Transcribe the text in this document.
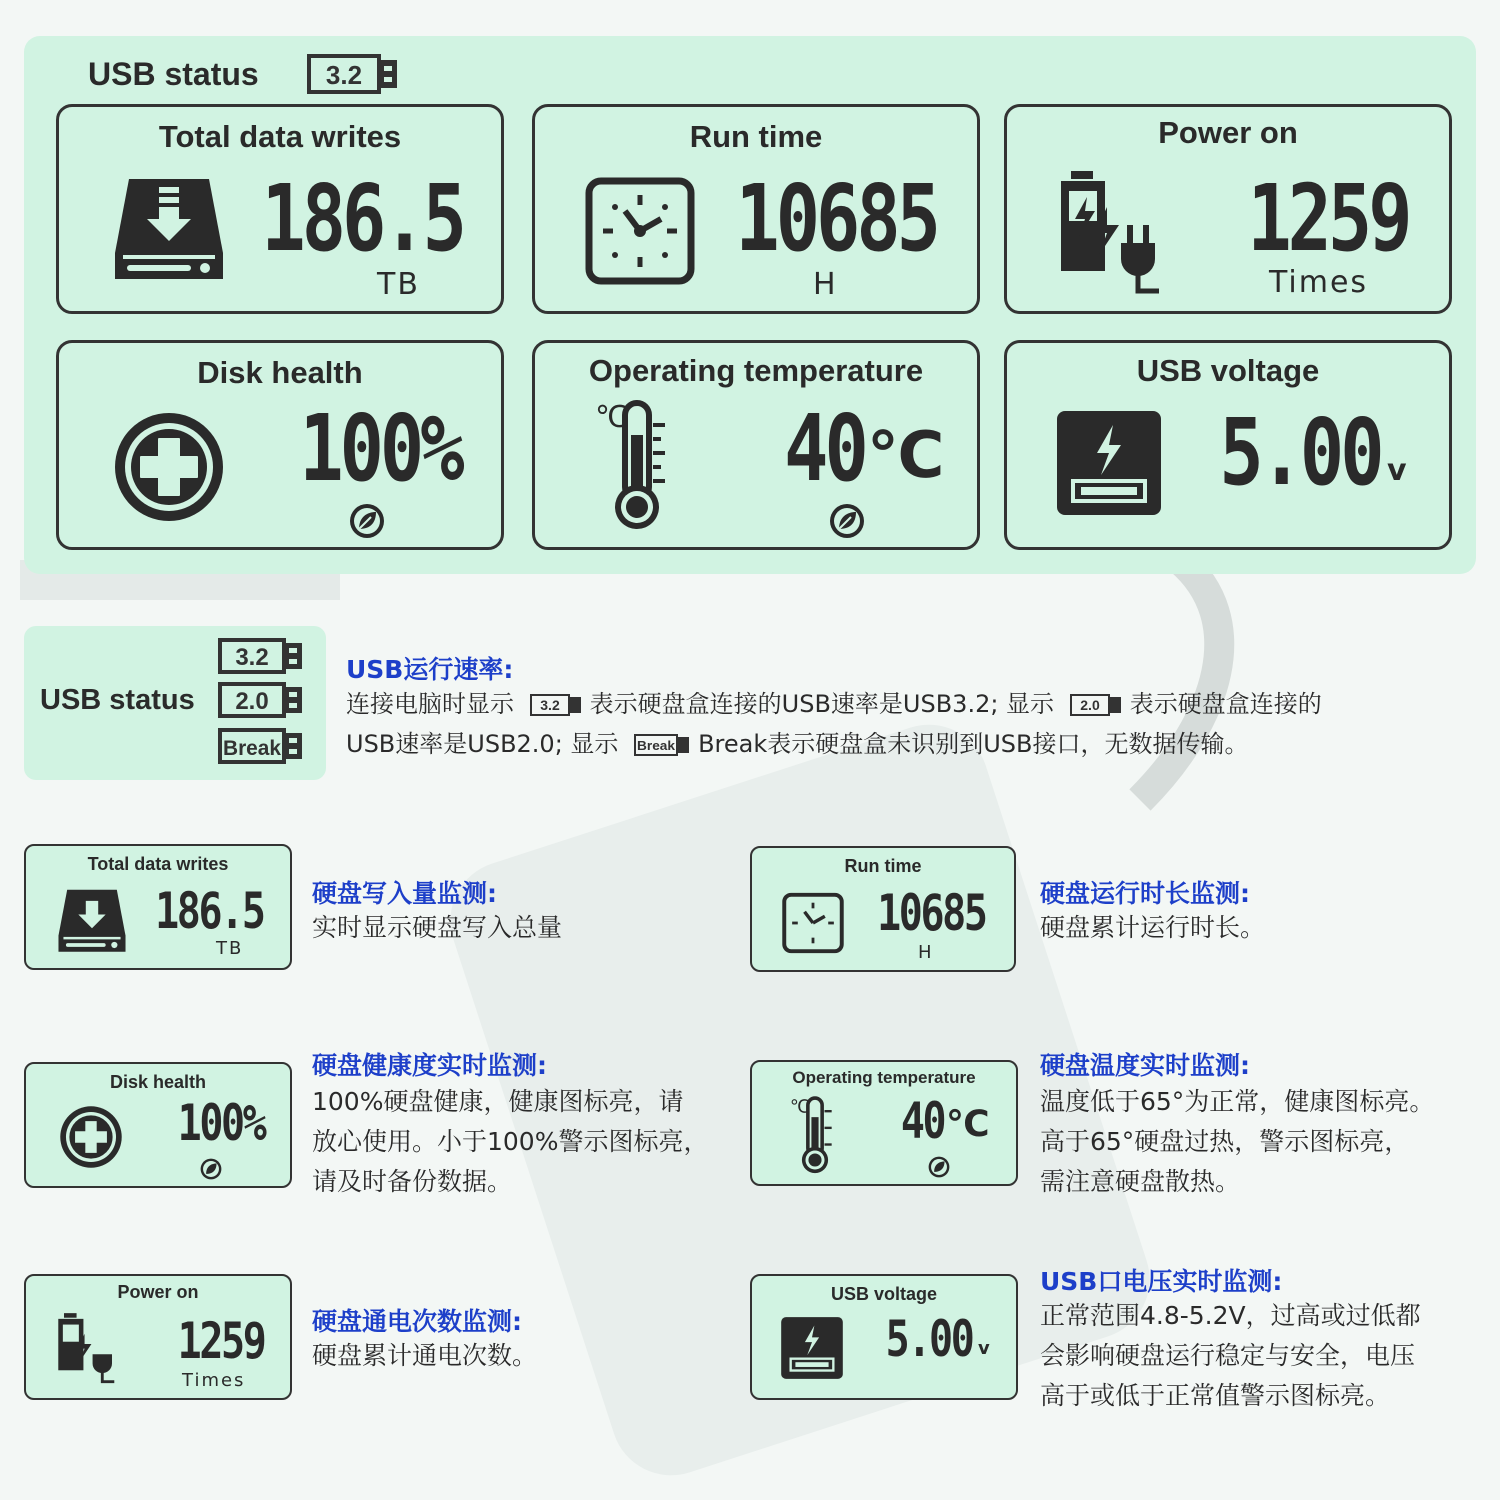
USB status	3.2
Total data writes
186.5
TB
Run time
10685
H
Power on
1259
Times
Disk health
100%
Operating temperature
℃ 40 ℃
USB voltage
5.00 v
USB status
3.2
2.0
Break
USB运行速率:
连接电脑时显示 3.2 表示硬盘盒连接的USB速率是USB3.2; 显示 2.0 表示硬盘盒连接的
USB速率是USB2.0; 显示 Break Break表示硬盘盒未识别到USB接口，无数据传输。
Total data writes
186.5
TB
硬盘写入量监测:
实时显示硬盘写入总量
Run time
10685
H
硬盘运行时长监测:
硬盘累计运行时长。
Disk health
100%
硬盘健康度实时监测:
100%硬盘健康，健康图标亮，请
放心使用。小于100%警示图标亮，
请及时备份数据。
Operating temperature
℃ 40 ℃
硬盘温度实时监测:
温度低于65°为正常，健康图标亮。
高于65°硬盘过热，警示图标亮，
需注意硬盘散热。
Power on
1259
Times
硬盘通电次数监测:
硬盘累计通电次数。
USB voltage
5.00 v
USB口电压实时监测:
正常范围4.8-5.2V，过高或过低都
会影响硬盘运行稳定与安全，电压
高于或低于正常值警示图标亮。
